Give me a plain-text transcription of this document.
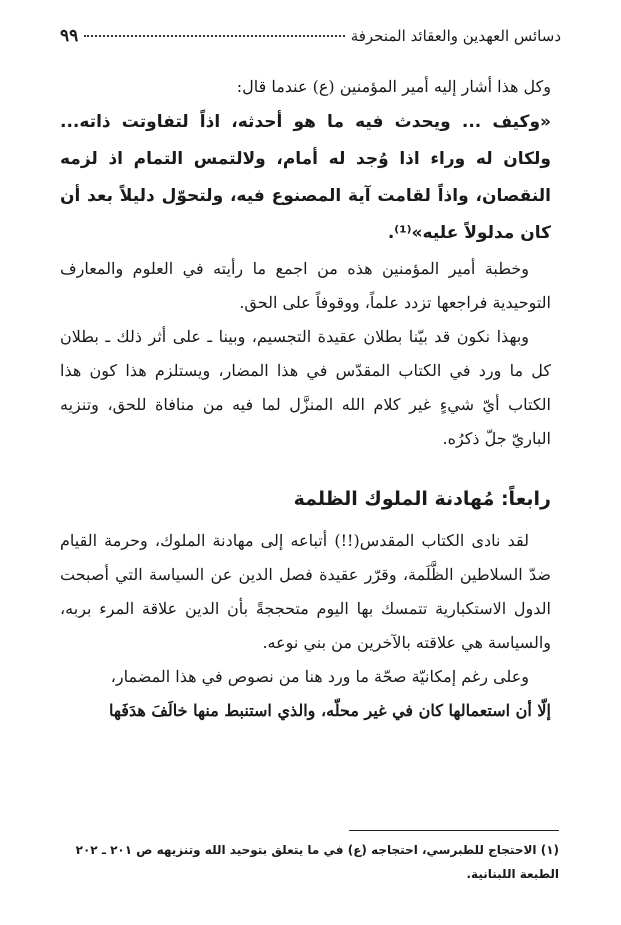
دسائس العهدين والعقائد المنحرفة
٩٩

وكل هذا أشار إليه أمير المؤمنين (ع) عندما قال:

«وكيف ... ويحدث فيه ما هو أحدثه، اذاً لتفاوتت ذاته... ولكان له وراء اذا وُجد له أمام، ولالتمس التمام اذ لزمه النقصان، واذاً لقامت آية المصنوع فيه، ولتحوّل دليلاً بعد أن كان مدلولاً عليه»⁽¹⁾.

وخطبة أمير المؤمنين هذه من اجمع ما رأيته في العلوم والمعارف التوحيدية فراجعها تزدد علماً، ووقوفاً على الحق.

وبهذا نكون قد بيّنا بطلان عقيدة التجسيم، وبينا ـ على أثر ذلك ـ بطلان كل ما ورد في الكتاب المقدّس في هذا المضار، ويستلزم هذا كون هذا الكتاب أيّ شيءٍ غير كلام الله المنزَّل لما فيه من منافاة للحق، وتنزيه الباريّ جلّ ذكرُه.

رابعاً: مُهادنة الملوك الظلمة

لقد نادى الكتاب المقدس(!!) أتباعه إلى مهادنة الملوك، وحرمة القيام ضدّ السلاطين الظَّلَمة، وقرّر عقيدة فصل الدين عن السياسة التي أصبحت الدول الاستكبارية تتمسك بها اليوم متحججةً بأن الدين علاقة المرء بربه، والسياسة هي علاقته بالآخرين من بني نوعه.

وعلى رغم إمكانيّة صحّة ما ورد هنا من نصوص في هذا المضمار،

إلّا أن استعمالها كان في غير محلّه، والذي استنبط منها خالَفَ هدَفَها

(١) الاحتجاج للطبرسي، احتجاجه (ع) في ما يتعلق بتوحيد الله وتنزيهه ص ٢٠١ ـ ٢٠٢
الطبعة اللبنانية.
